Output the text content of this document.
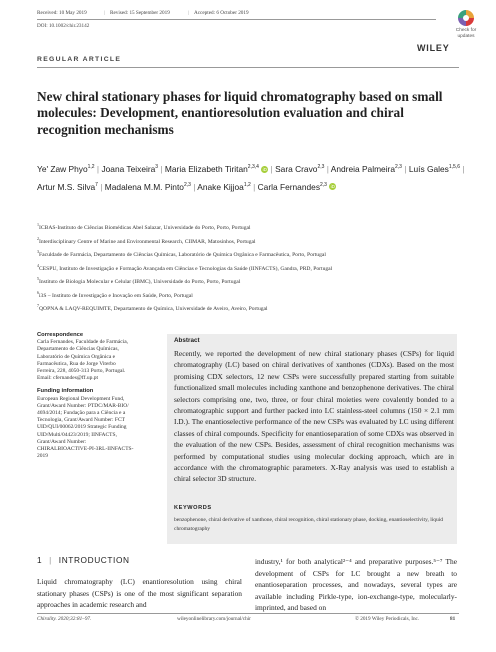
Received: 10 May 2019	| Revised: 15 September 2019	| Accepted: 6 October 2019
DOI: 10.1002/chir.23142
Check for
updates
REGULAR ARTICLE
WILEY
New chiral stationary phases for liquid chromatography based on small molecules: Development, enantioresolution evaluation and chiral recognition mechanisms
Ye' Zaw Phyo$^{1,2}$ | Joana Teixeira$^3$ | Maria Elizabeth Tiritan$^{2,3,4}$ iD | Sara Cravo$^{2,3}$ | Andreia Palmeira$^{2,3}$ | Luís Gales$^{1,5,6}$ | Artur M.S. Silva$^7$ | Madalena M.M. Pinto$^{2,3}$ | Anake Kijjoa$^{1,2}$ | Carla Fernandes$^{2,3}$ iD
$^1$ICBAS-Instituto de Ciências Biomédicas Abel Salazar, Universidade do Porto, Porto, Portugal
$^2$Interdisciplinary Centre of Marine and Environmental Research, CIIMAR, Matosinhos, Portugal
$^3$Faculdade de Farmácia, Departamento de Ciências Químicas, Laboratório de Química Orgânica e Farmacêutica, Porto, Portugal
$^4$CESPU, Instituto de Investigação e Formação Avançada em Ciências e Tecnologias da Saúde (IINFACTS), Gandra, PRD, Portugal
$^5$Instituto de Biologia Molecular e Celular (IBMC), Universidade do Porto, Porto, Portugal
$^6$i3S – Instituto de Investigação e Inovação em Saúde, Porto, Portugal
$^7$QOPNA & LAQV-REQUIMTE, Departamento de Química, Universidade de Aveiro, Aveiro, Portugal
Correspondence
Carla Fernandes, Faculdade de Farmácia,
Departamento de Ciências Químicas,
Laboratório de Química Orgânica e
Farmacêutica, Rua de Jorge Viterbo
Ferreira, 228, 4050-313 Porto, Portugal.
Email: cfernandes@ff.up.pt
Funding information
European Regional Development Fund,
Grant/Award Number: PTDC/MAR-BIO/
4694/2014; Fundação para a Ciência e a
Tecnologia, Grant/Award Number: FCT
UID/QUI/00062/2019 Strategic Funding
UID/Multi/04423/2019; IINFACTS,
Grant/Award Number:
CHIRALBIOACTIVE-PI-3RL-IINFACTS-
2019
Abstract
Recently, we reported the development of new chiral stationary phases (CSPs) for liquid chromatography (LC) based on chiral derivatives of xanthones (CDXs). Based on the most promising CDX selectors, 12 new CSPs were successfully prepared starting from suitable functionalized small molecules including xanthone and benzophenone derivatives. The chiral selectors comprising one, two, three, or four chiral moieties were covalently bonded to a chromatographic support and further packed into LC stainless-steel columns (150 × 2.1 mm I.D.). The enantioselective performance of the new CSPs was evaluated by LC using different classes of chiral compounds. Specificity for enantioseparation of some CDXs was observed in the evaluation of the new CSPs. Besides, assessment of chiral recognition mechanisms was performed by computational studies using molecular docking approach, which are in accordance with the chromatographic parameters. X-Ray analysis was used to establish a chiral selector 3D structure.
KEYWORDS
benzophenone, chiral derivative of xanthone, chiral recognition, chiral stationary phase, docking, enantioselectivity, liquid chromatography
1 | INTRODUCTION
Liquid chromatography (LC) enantioresolution using chiral stationary phases (CSPs) is one of the most significant separation approaches in academic research and
industry,¹ for both analytical²⁻⁴ and preparative purposes.⁵⁻⁷ The development of CSPs for LC brought a new breath to enantioseparation processes, and nowadays, several types are available including Pirkle-type, ion-exchange-type, molecularly-imprinted, and based on
Chirality. 2020;32:81–97.	wileyonlinelibrary.com/journal/chir	© 2019 Wiley Periodicals, Inc.	81
